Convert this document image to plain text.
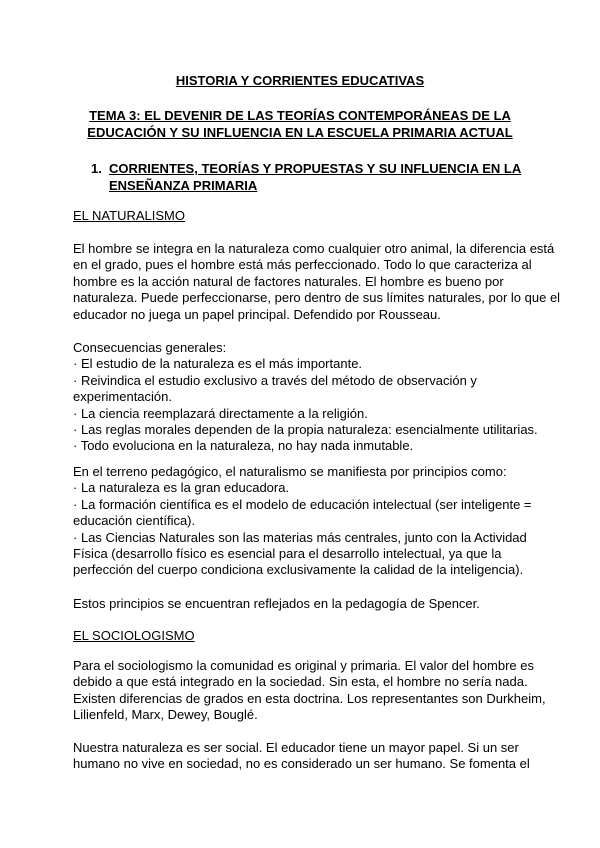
HISTORIA Y CORRIENTES EDUCATIVAS
TEMA 3: EL DEVENIR DE LAS TEORÍAS CONTEMPORÁNEAS DE LA
EDUCACIÓN Y SU INFLUENCIA EN LA ESCUELA PRIMARIA ACTUAL
1. CORRIENTES, TEORÍAS Y PROPUESTAS Y SU INFLUENCIA EN LA
ENSEÑANZA PRIMARIA

EL NATURALISMO

El hombre se integra en la naturaleza como cualquier otro animal, la diferencia está
en el grado, pues el hombre está más perfeccionado. Todo lo que caracteriza al
hombre es la acción natural de factores naturales. El hombre es bueno por
naturaleza. Puede perfeccionarse, pero dentro de sus límites naturales, por lo que el
educador no juega un papel principal. Defendido por Rousseau.

Consecuencias generales:
· El estudio de la naturaleza es el más importante.
· Reivindica el estudio exclusivo a través del método de observación y
experimentación.
· La ciencia reemplazará directamente a la religión.
· Las reglas morales dependen de la propia naturaleza: esencialmente utilitarias.
· Todo evoluciona en la naturaleza, no hay nada inmutable.

En el terreno pedagógico, el naturalismo se manifiesta por principios como:
· La naturaleza es la gran educadora.
· La formación científica es el modelo de educación intelectual (ser inteligente =
educación científica).
· Las Ciencias Naturales son las materias más centrales, junto con la Actividad
Física (desarrollo físico es esencial para el desarrollo intelectual, ya que la
perfección del cuerpo condiciona exclusivamente la calidad de la inteligencia).

Estos principios se encuentran reflejados en la pedagogía de Spencer.

EL SOCIOLOGISMO

Para el sociologismo la comunidad es original y primaria. El valor del hombre es
debido a que está integrado en la sociedad. Sin esta, el hombre no sería nada.
Existen diferencias de grados en esta doctrina. Los representantes son Durkheim,
Lilienfeld, Marx, Dewey, Bouglé.

Nuestra naturaleza es ser social. El educador tiene un mayor papel. Si un ser
humano no vive en sociedad, no es considerado un ser humano. Se fomenta el
